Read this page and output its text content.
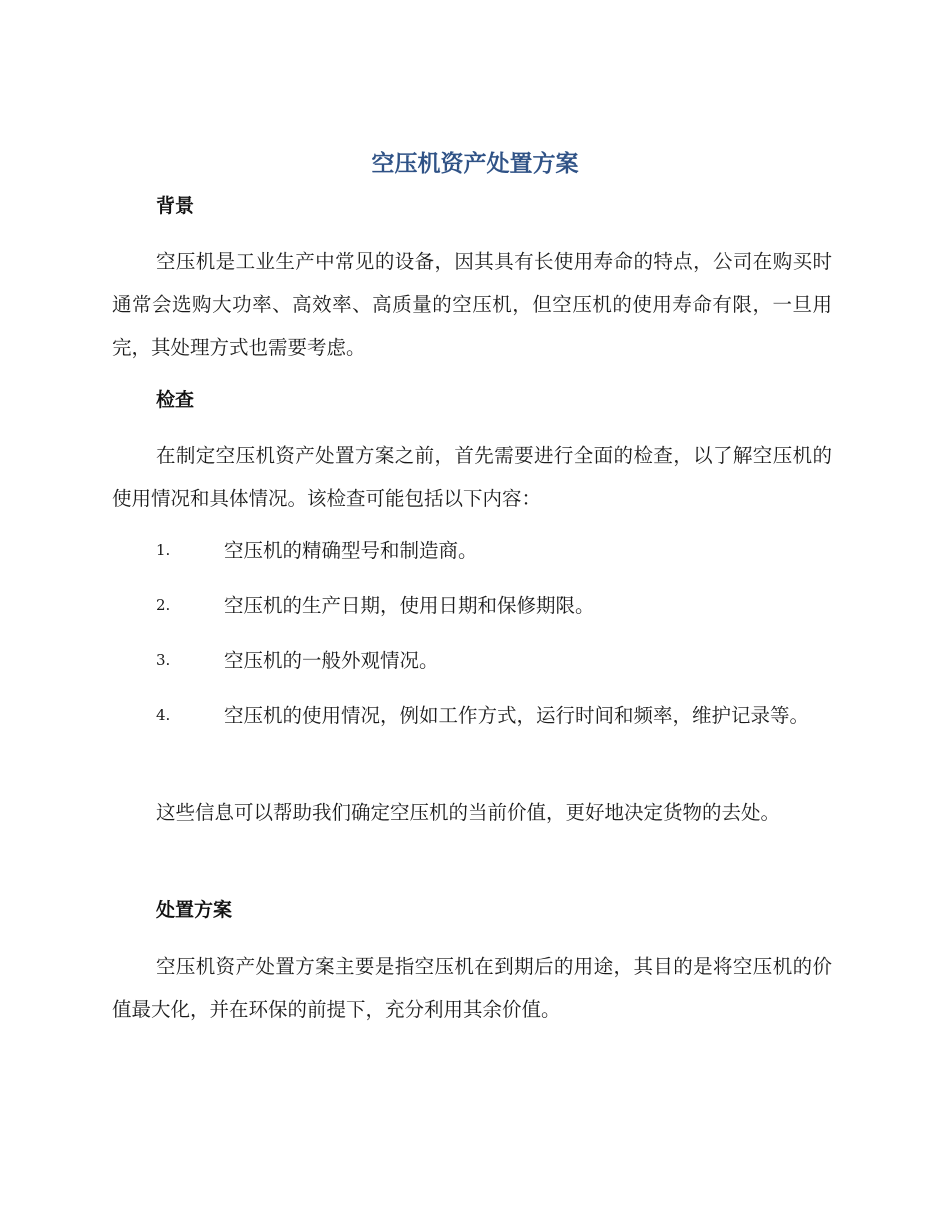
空压机资产处置方案
背景

空压机是工业生产中常见的设备，因其具有长使用寿命的特点，公司在购买时通常会选购大功率、高效率、高质量的空压机，但空压机的使用寿命有限，一旦用完，其处理方式也需要考虑。

检查

在制定空压机资产处置方案之前，首先需要进行全面的检查，以了解空压机的使用情况和具体情况。该检查可能包括以下内容：

1.	空压机的精确型号和制造商。
2.	空压机的生产日期，使用日期和保修期限。
3.	空压机的一般外观情况。
4.	空压机的使用情况，例如工作方式，运行时间和频率，维护记录等。

这些信息可以帮助我们确定空压机的当前价值，更好地决定货物的去处。

处置方案

空压机资产处置方案主要是指空压机在到期后的用途，其目的是将空压机的价值最大化，并在环保的前提下，充分利用其余价值。
